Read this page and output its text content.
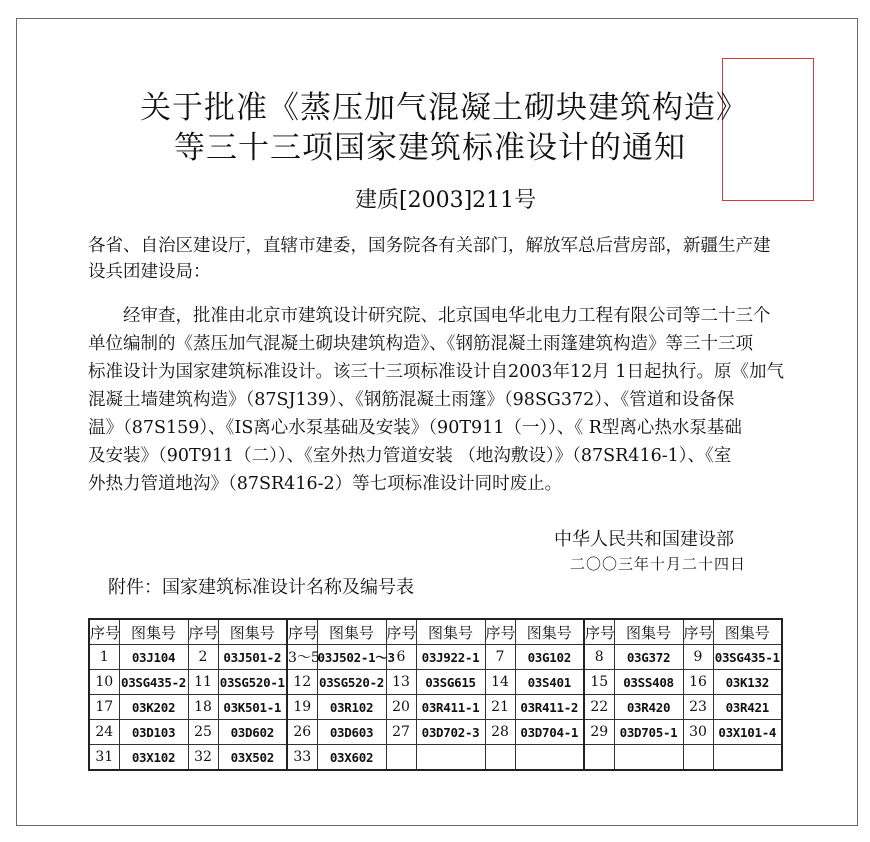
关于批准《蒸压加气混凝土砌块建筑构造》
等三十三项国家建筑标准设计的通知
建质[2003]211号
各省、自治区建设厅，直辖市建委，国务院各有关部门，解放军总后营房部，新疆生产建
设兵团建设局：
　　经审查，批准由北京市建筑设计研究院、北京国电华北电力工程有限公司等二十三个
单位编制的《蒸压加气混凝土砌块建筑构造》、《钢筋混凝土雨篷建筑构造》等三十三项
标准设计为国家建筑标准设计。该三十三项标准设计自2003年12月 1日起执行。原《加气
混凝土墙建筑构造》（87SJ139）、《钢筋混凝土雨篷》（98SG372）、《管道和设备保
温》（87S159）、《IS离心水泵基础及安装》（90T911（一））、《 R型离心热水泵基础
及安装》（90T911（二））、《室外热力管道安装 （地沟敷设）》（87SR416-1）、《室
外热力管道地沟》（87SR416-2）等七项标准设计同时废止。
中华人民共和国建设部
二〇〇三年十月二十四日
附件：国家建筑标准设计名称及编号表
序号	图集号	序号	图集号	序号	图集号	序号	图集号	序号	图集号	序号	图集号	序号	图集号
1	03J104	2	03J501-2	3～5	03J502-1～3	6	03J922-1	7	03G102	8	03G372	9	03SG435-1
10	03SG435-2	11	03SG520-1	12	03SG520-2	13	03SG615	14	03S401	15	03SS408	16	03K132
17	03K202	18	03K501-1	19	03R102	20	03R411-1	21	03R411-2	22	03R420	23	03R421
24	03D103	25	03D602	26	03D603	27	03D702-3	28	03D704-1	29	03D705-1	30	03X101-4
31	03X102	32	03X502	33	03X602								
